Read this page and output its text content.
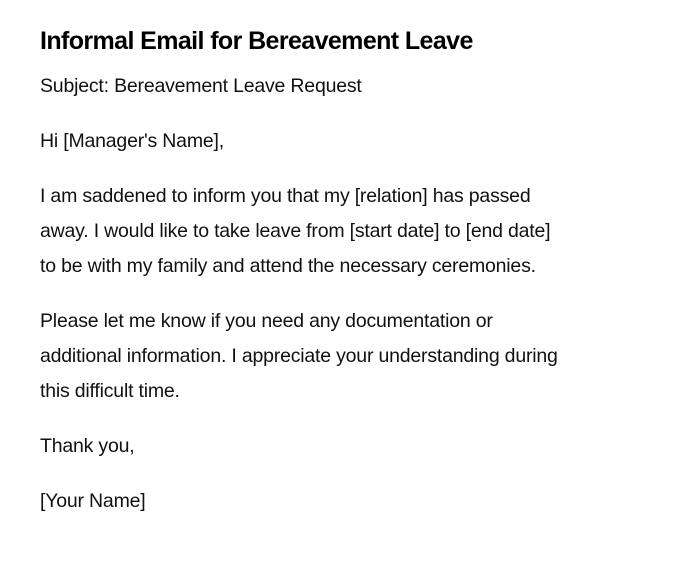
Informal Email for Bereavement Leave

Subject: Bereavement Leave Request

Hi [Manager's Name],

I am saddened to inform you that my [relation] has passed
away. I would like to take leave from [start date] to [end date]
to be with my family and attend the necessary ceremonies.

Please let me know if you need any documentation or
additional information. I appreciate your understanding during
this difficult time.

Thank you,

[Your Name]
